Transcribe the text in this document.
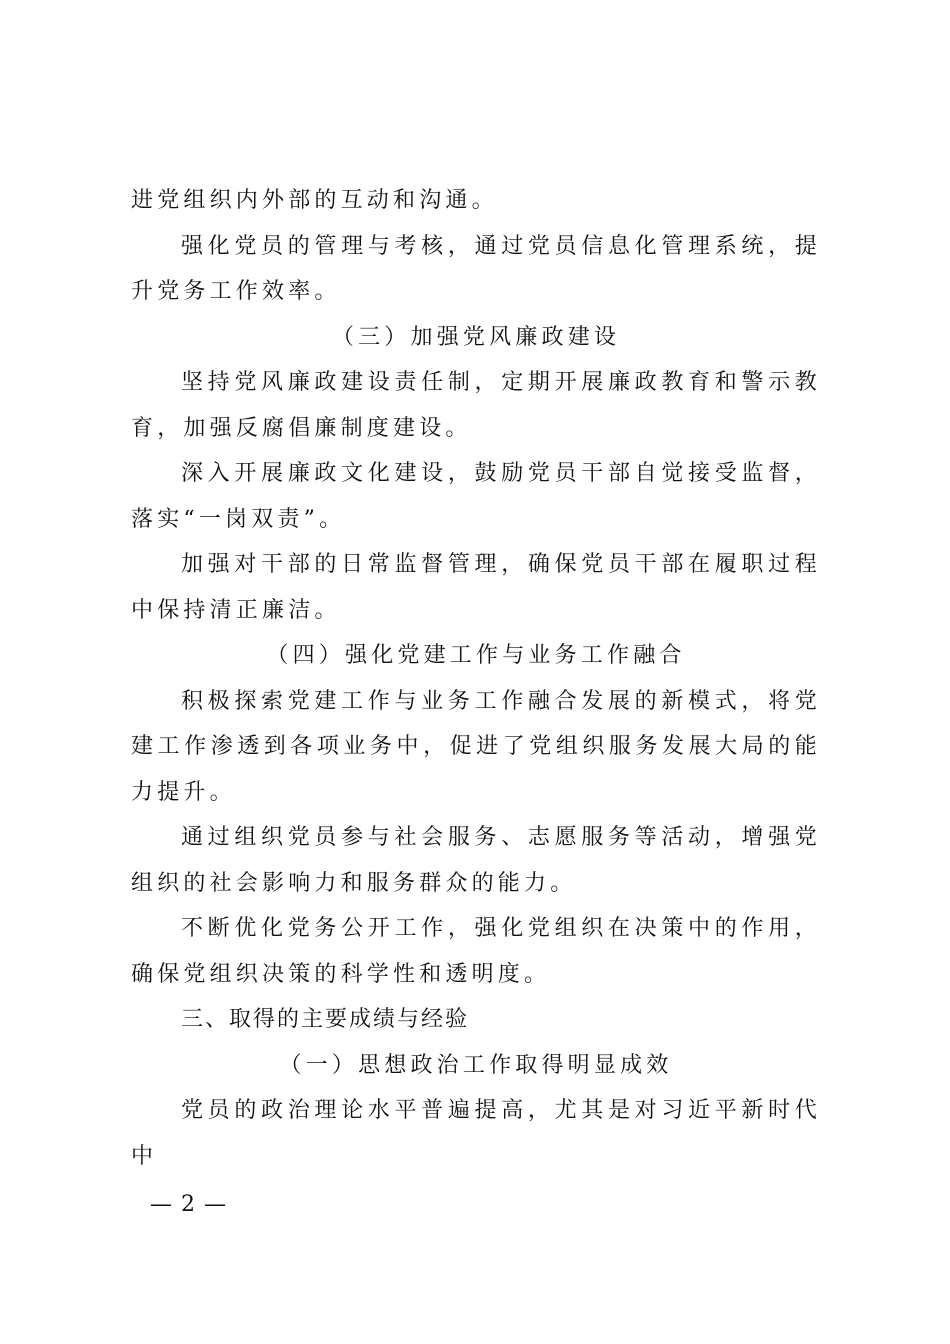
进党组织内外部的互动和沟通。

强化党员的管理与考核，通过党员信息化管理系统，提升党务工作效率。

（三）加强党风廉政建设

坚持党风廉政建设责任制，定期开展廉政教育和警示教育，加强反腐倡廉制度建设。

深入开展廉政文化建设，鼓励党员干部自觉接受监督，落实“一岗双责”。

加强对干部的日常监督管理，确保党员干部在履职过程中保持清正廉洁。

（四）强化党建工作与业务工作融合

积极探索党建工作与业务工作融合发展的新模式，将党建工作渗透到各项业务中，促进了党组织服务发展大局的能力提升。

通过组织党员参与社会服务、志愿服务等活动，增强党组织的社会影响力和服务群众的能力。

不断优化党务公开工作，强化党组织在决策中的作用，确保党组织决策的科学性和透明度。

三、取得的主要成绩与经验

（一）思想政治工作取得明显成效

党员的政治理论水平普遍提高，尤其是对习近平新时代中

— 2 —
